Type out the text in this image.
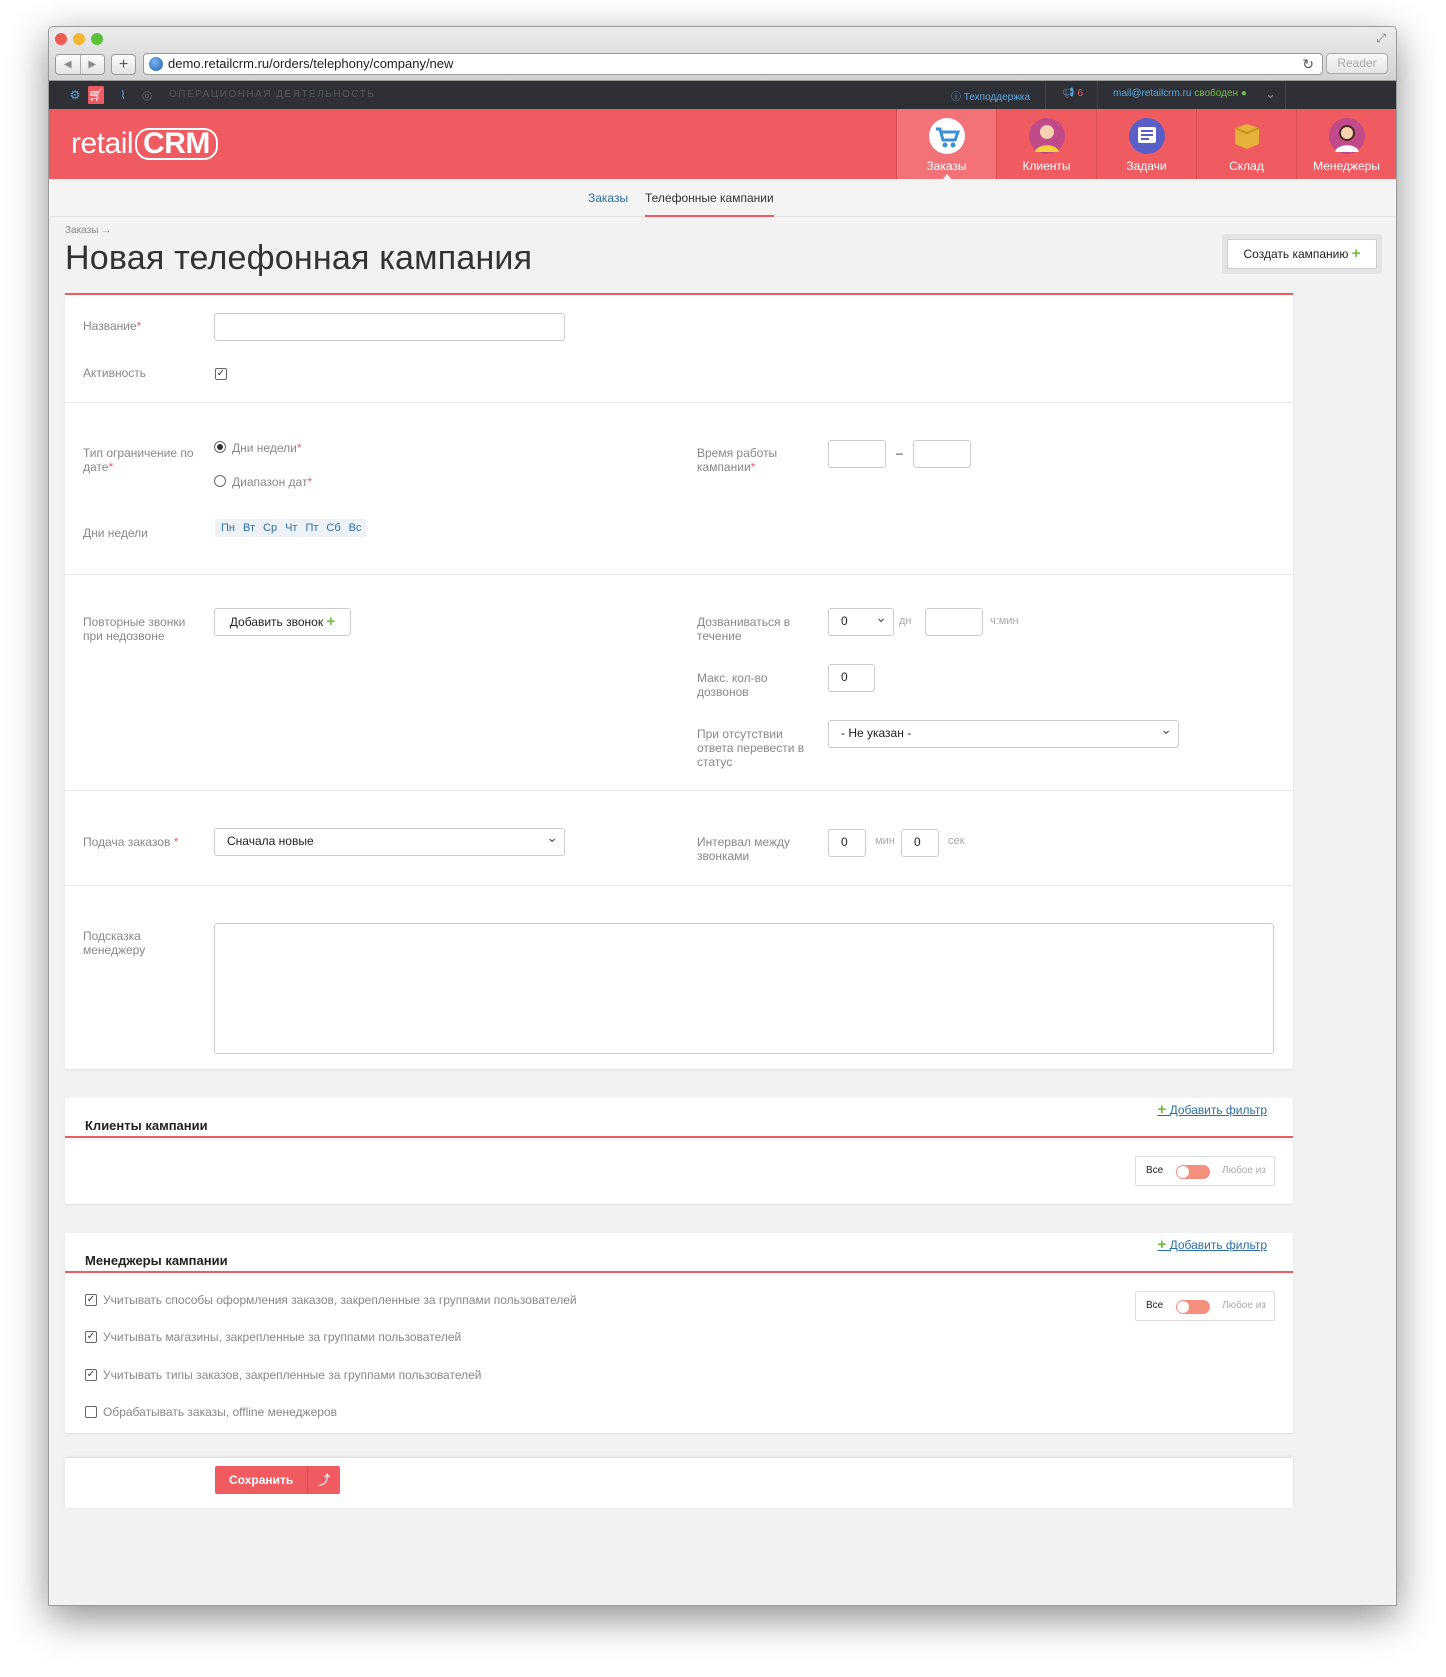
⤢
◀	▶	+	demo.retailcrm.ru/orders/telephony/company/new	↻	Reader
⚙ 🛒︎	⌇	◎ ОПЕРАЦИОННАЯ ДЕЯТЕЛЬНОСТЬ	ⓘ Техподдержка	📢︎ 6	mail@retailcrm.ru свободен ● ⌄
retail CRM
Заказы	Клиенты	Задачи	Склад	Менеджеры
Заказы Телефонные кампании
Заказы →
Новая телефонная кампания	Создать кампанию +
Название*
Активность	✓
Тип ограничение по
дате*
Дни недели*
Диапазон дат*
Дни недели	Пн Вт Ср Чт Пт Сб Вс
Время работы
кампании*
–
Повторные звонки
при недозвоне
Добавить звонок +	Дозваниваться в
течение
0 ⌄	дн	ч:мин
Макс. кол-во
дозвонов
0
При отсутствии
ответа перевести в
статус
- Не указан - ⌄
Подача заказов *	Сначала новые ⌄	Интервал между
звонками
0	мин	0	сек
Подсказка
менеджеру
+ Добавить фильтр
Клиенты кампании
Все	Любое из
+ Добавить фильтр
Менеджеры кампании
Все	Любое из
✓ Учитывать способы оформления заказов, закрепленные за группами пользователей
✓ Учитывать магазины, закрепленные за группами пользователей
✓ Учитывать типы заказов, закрепленные за группами пользователей
Обрабатывать заказы, offline менеджеров
Сохранить	⤴
